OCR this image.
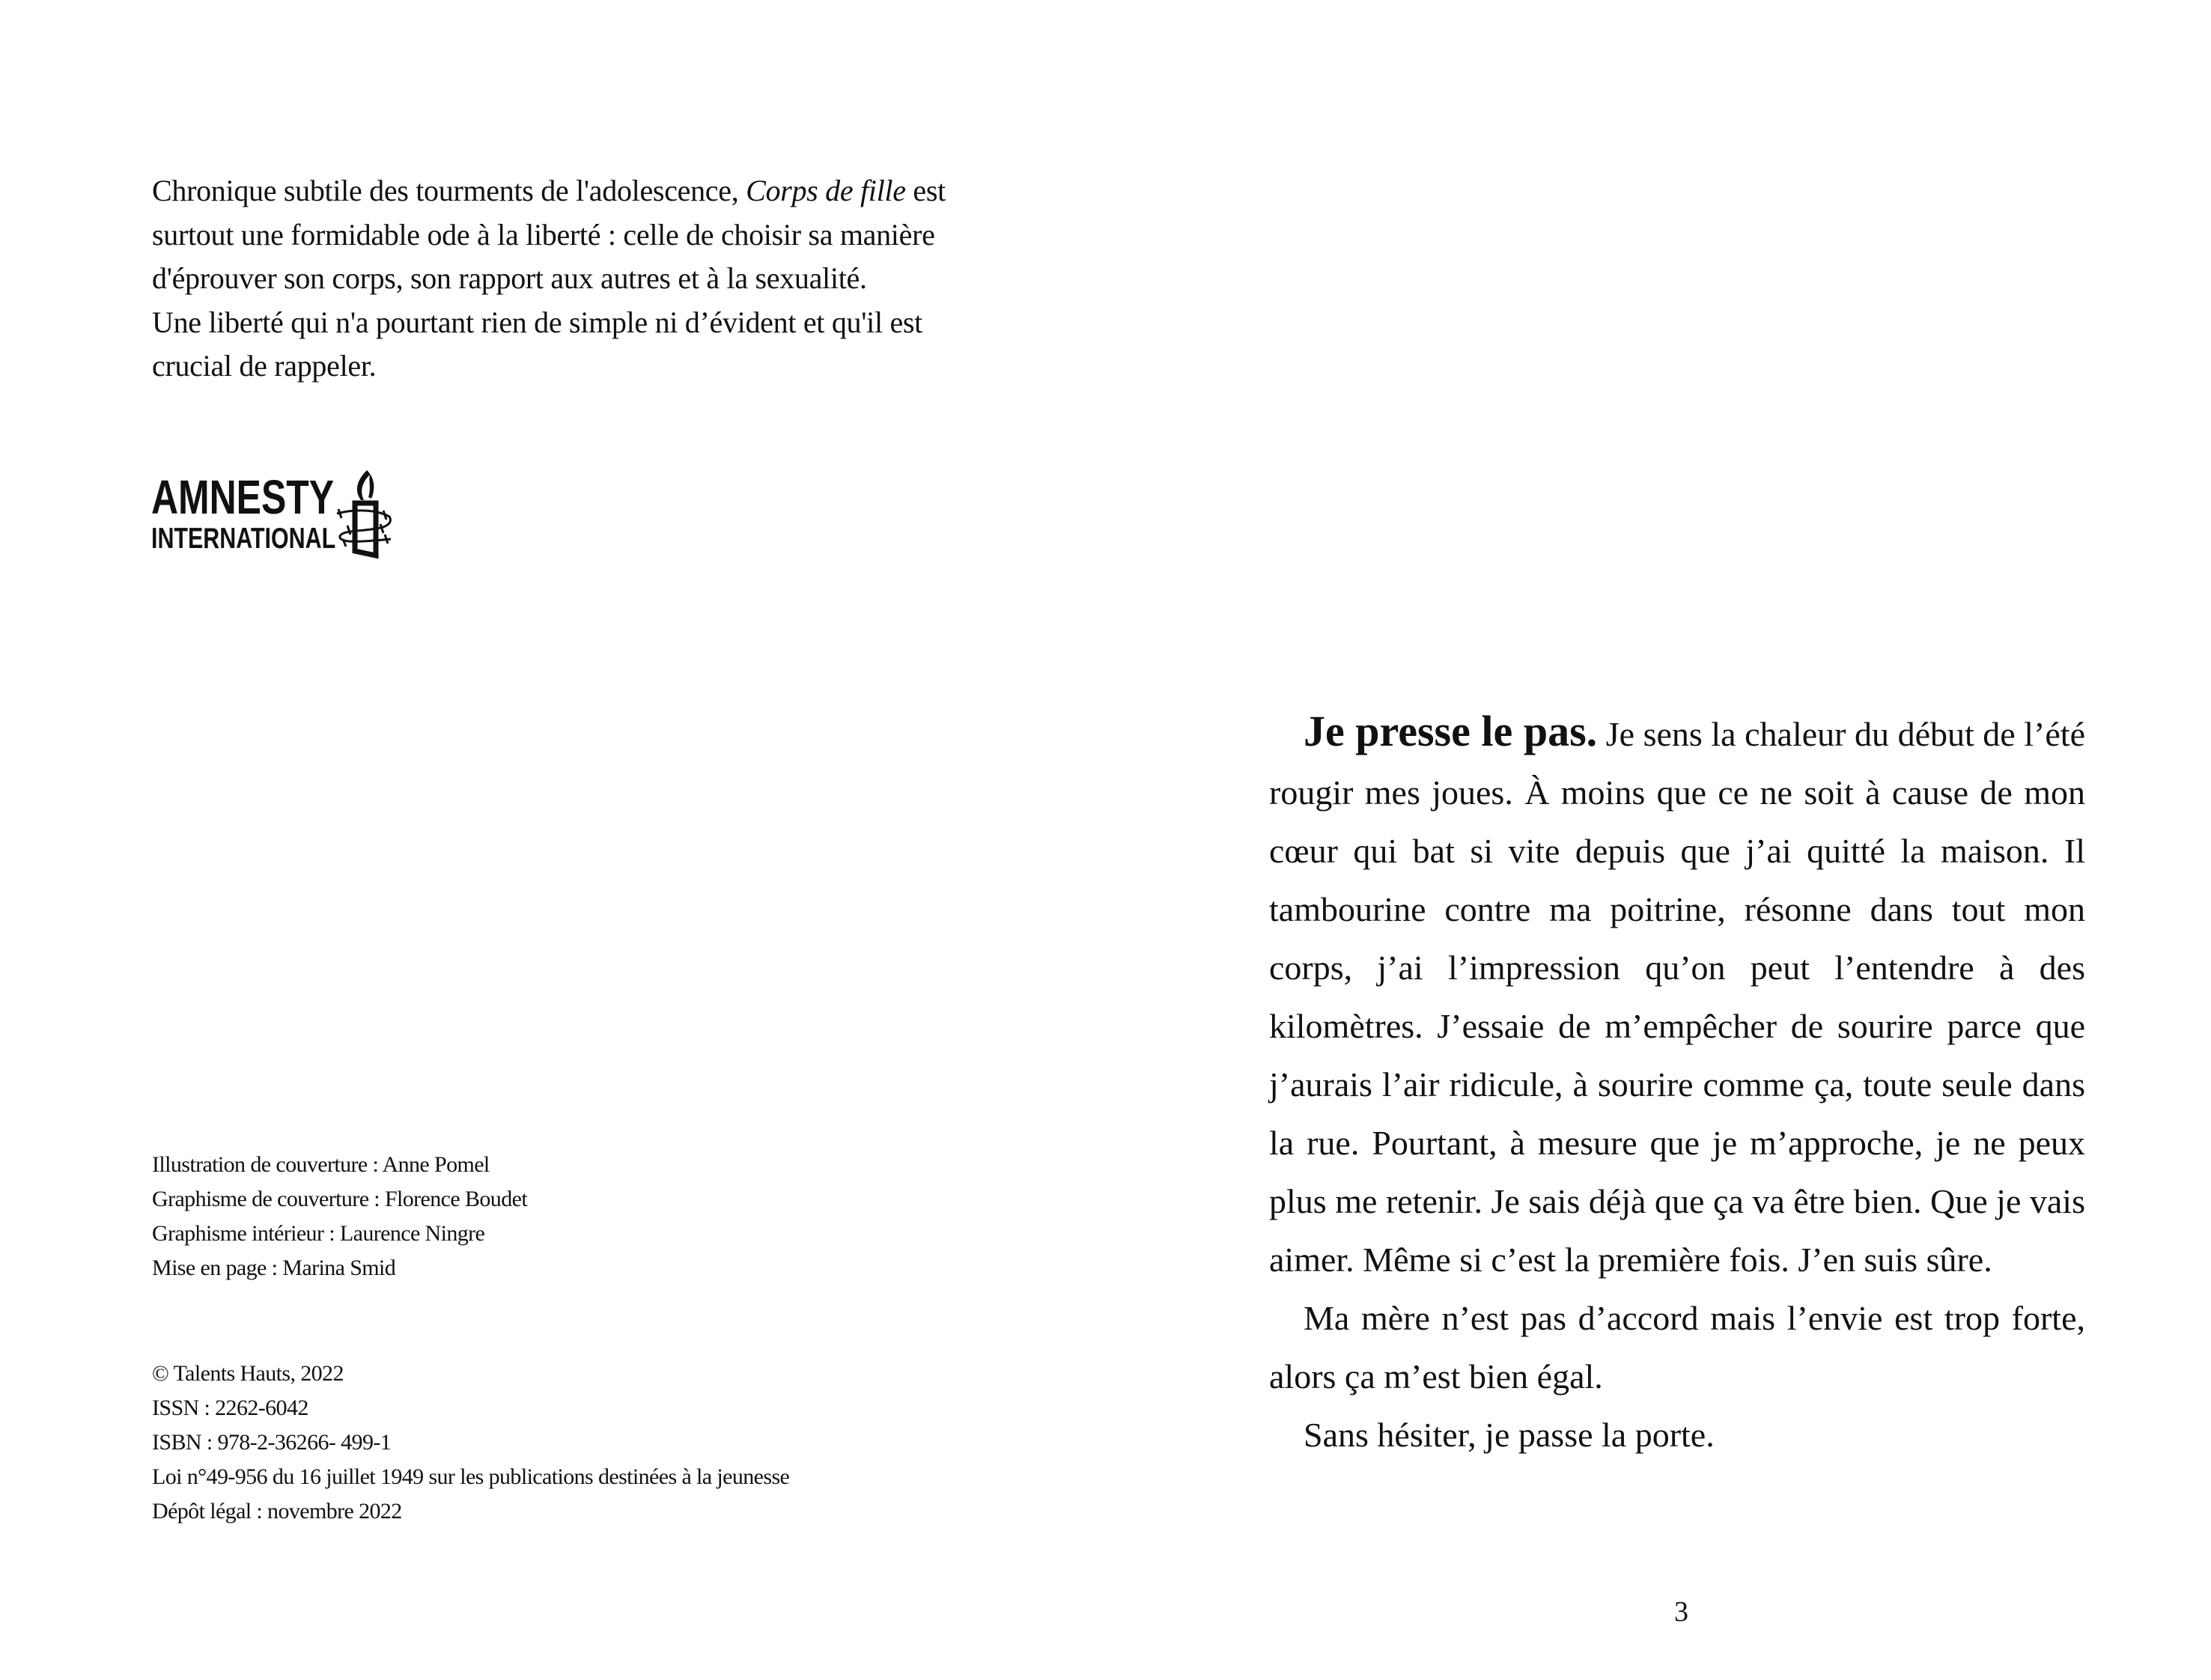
Chronique subtile des tourments de l'adolescence, Corps de fille est surtout une formidable ode à la liberté : celle de choisir sa manière d'éprouver son corps, son rapport aux autres et à la sexualité.

Une liberté qui n'a pourtant rien de simple ni d’évident et qu'il est crucial de rappeler.

AMNESTY
INTERNATIONAL
Illustration de couverture : Anne Pomel
Graphisme de couverture : Florence Boudet
Graphisme intérieur : Laurence Ningre
Mise en page : Marina Smid
© Talents Hauts, 2022
ISSN : 2262-6042
ISBN : 978-2-36266- 499-1
Loi n°49-956 du 16 juillet 1949 sur les publications destinées à la jeunesse
Dépôt légal : novembre 2022

Je presse le pas. Je sens la chaleur du début de l’été rougir mes joues. À moins que ce ne soit à cause de mon cœur qui bat si vite depuis que j’ai quitté la maison. Il tambourine contre ma poitrine, résonne dans tout mon corps, j’ai l’impression qu’on peut l’entendre à des kilomètres. J’essaie de m’empêcher de sourire parce que j’aurais l’air ridicule, à sourire comme ça, toute seule dans la rue. Pourtant, à mesure que je m’approche, je ne peux plus me retenir. Je sais déjà que ça va être bien. Que je vais aimer. Même si c’est la première fois. J’en suis sûre.

Ma mère n’est pas d’accord mais l’envie est trop forte, alors ça m’est bien égal.

Sans hésiter, je passe la porte.

3
